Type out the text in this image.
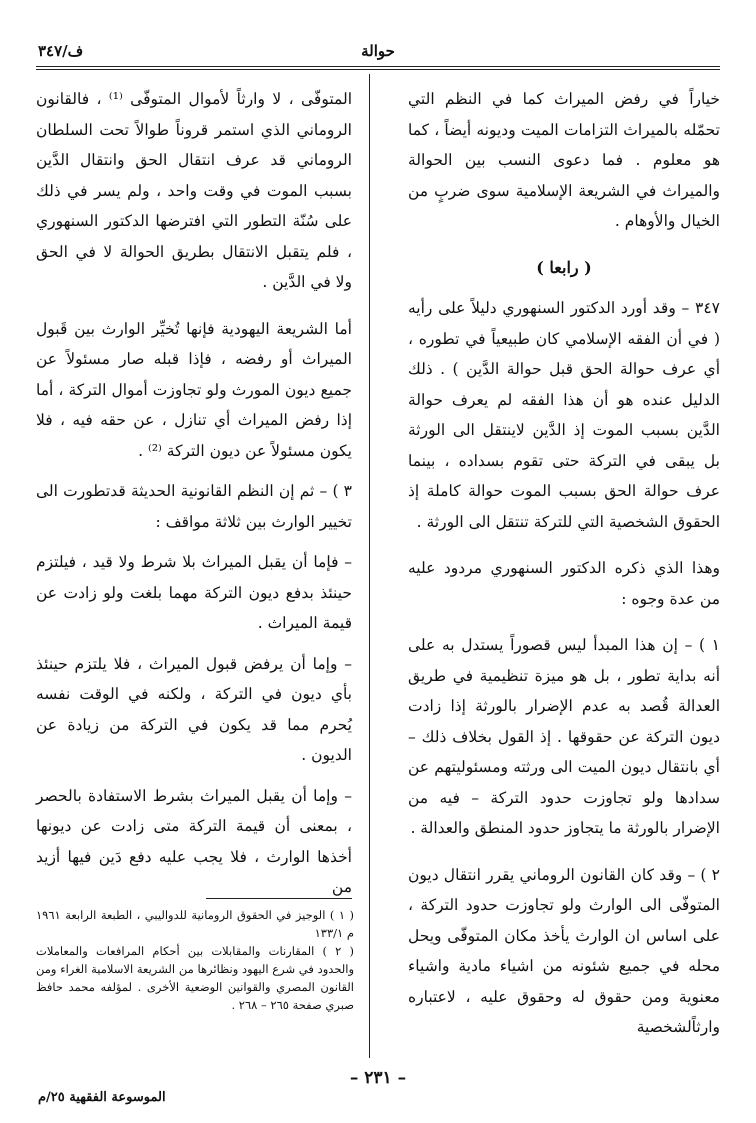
حوالة
ف/٣٤٧

خياراً في رفض الميراث كما في النظم التي تحمّله بالميراث التزامات الميت وديونه أيضاً ، كما هو معلوم . فما دعوى النسب بين الحوالة والميراث في الشريعة الإسلامية سوى ضربٍ من الخيال والأوهام .

( رابعا )

٣٤٧ – وقد أورد الدكتور السنهوري دليلاً على رأيه ( في أن الفقه الإسلامي كان طبيعياً في تطوره ، أي عرف حوالة الحق قبل حوالة الدَّين ) . ذلك الدليل عنده هو أن هذا الفقه لم يعرف حوالة الدَّين بسبب الموت إذ الدَّين لاينتقل الى الورثة بل يبقى في التركة حتى تقوم بسداده ، بينما عرف حوالة الحق بسبب الموت حوالة كاملة إذ الحقوق الشخصية التي للتركة تنتقل الى الورثة .

وهذا الذي ذكره الدكتور السنهوري مردود عليه من عدة وجوه :

١ ) – إن هذا المبدأ ليس قصوراً يستدل به على أنه بداية تطور ، بل هو ميزة تنظيمية في طريق العدالة قُصد به عدم الإضرار بالورثة إذا زادت ديون التركة عن حقوقها . إذ القول بخلاف ذلك – أي بانتقال ديون الميت الى ورثته ومسئوليتهم عن سدادها ولو تجاوزت حدود التركة – فيه من الإضرار بالورثة ما يتجاوز حدود المنطق والعدالة .

٢ ) – وقد كان القانون الروماني يقرر انتقال ديون المتوفّى الى الوارث ولو تجاوزت حدود التركة ، على اساس ان الوارث يأخذ مكان المتوفّى ويحل محله في جميع شئونه من اشياء مادية واشياء معنوية ومن حقوق له وحقوق عليه ، لاعتباره وارثاًلشخصية

المتوفّى ، لا وارثاً لأموال المتوفّى ⁽¹⁾ ، فالقانون الروماني الذي استمر قروناً طوالاً تحت السلطان الروماني قد عرف انتقال الحق وانتقال الدَّين بسبب الموت في وقت واحد ، ولم يسر في ذلك على سُنّة التطور التي افترضها الدكتور السنهوري ، فلم يتقبل الانتقال بطريق الحوالة لا في الحق ولا في الدَّين .

أما الشريعة اليهودية فإنها تُخيِّر الوارث بين قَبول الميراث أو رفضه ، فإذا قبله صار مسئولاً عن جميع ديون المورث ولو تجاوزت أموال التركة ، أما إذا رفض الميراث أي تنازل ، عن حقه فيه ، فلا يكون مسئولاً عن ديون التركة ⁽²⁾ .

٣ ) – ثم إن النظم القانونية الحديثة قدتطورت الى تخيير الوارث بين ثلاثة مواقف :

– فإما أن يقبل الميراث بلا شرط ولا قيد ، فيلتزم حينئذ بدفع ديون التركة مهما بلغت ولو زادت عن قيمة الميراث .

– وإما أن يرفض قبول الميراث ، فلا يلتزم حينئذ بأي ديون في التركة ، ولكنه في الوقت نفسه يُحرم مما قد يكون في التركة من زيادة عن الديون .

– وإما أن يقبل الميراث بشرط الاستفادة بالحصر ، بمعنى أن قيمة التركة متى زادت عن ديونها أخذها الوارث ، فلا يجب عليه دفع دَين فيها أزيد من

( ١ ) الوجيز في الحقوق الرومانية للدواليبي ، الطبعة الرابعة ١٩٦١ م ١٣٣/١

( ٢ ) المقارنات والمقابلات بين أحكام المرافعات والمعاملات والحدود في شرع اليهود ونظائرها من الشريعة الاسلامية الغراء ومن القانون المصري والقوانين الوضعية الأخرى . لمؤلفه محمد حافظ صبري صفحة ٢٦٥ – ٢٦٨ .

– ٢٣١ –
الموسوعة الفقهية ٢٥/م
